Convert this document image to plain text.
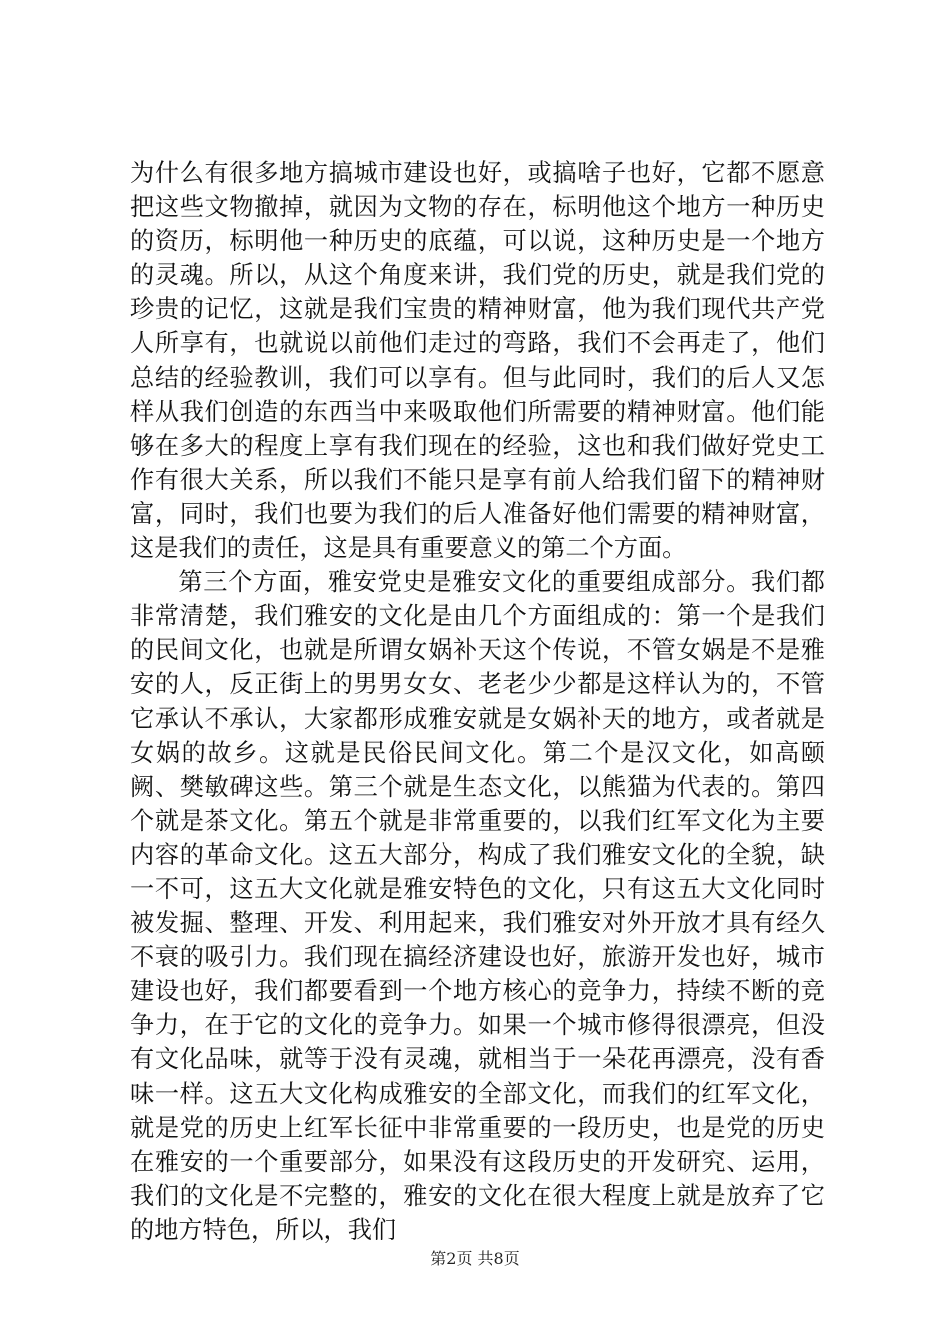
为什么有很多地方搞城市建设也好，或搞啥子也好，它都不愿意把这些文物撤掉，就因为文物的存在，标明他这个地方一种历史的资历，标明他一种历史的底蕴，可以说，这种历史是一个地方的灵魂。所以，从这个角度来讲，我们党的历史，就是我们党的珍贵的记忆，这就是我们宝贵的精神财富，他为我们现代共产党人所享有，也就说以前他们走过的弯路，我们不会再走了，他们总结的经验教训，我们可以享有。但与此同时，我们的后人又怎样从我们创造的东西当中来吸取他们所需要的精神财富。他们能够在多大的程度上享有我们现在的经验，这也和我们做好党史工作有很大关系，所以我们不能只是享有前人给我们留下的精神财富，同时，我们也要为我们的后人准备好他们需要的精神财富，这是我们的责任，这是具有重要意义的第二个方面。

第三个方面，雅安党史是雅安文化的重要组成部分。我们都非常清楚，我们雅安的文化是由几个方面组成的：第一个是我们的民间文化，也就是所谓女娲补天这个传说，不管女娲是不是雅安的人，反正街上的男男女女、老老少少都是这样认为的，不管它承认不承认，大家都形成雅安就是女娲补天的地方，或者就是女娲的故乡。这就是民俗民间文化。第二个是汉文化，如高颐阙、樊敏碑这些。第三个就是生态文化，以熊猫为代表的。第四个就是茶文化。第五个就是非常重要的，以我们红军文化为主要内容的革命文化。这五大部分，构成了我们雅安文化的全貌，缺一不可，这五大文化就是雅安特色的文化，只有这五大文化同时被发掘、整理、开发、利用起来，我们雅安对外开放才具有经久不衰的吸引力。我们现在搞经济建设也好，旅游开发也好，城市建设也好，我们都要看到一个地方核心的竞争力，持续不断的竞争力，在于它的文化的竞争力。如果一个城市修得很漂亮，但没有文化品味，就等于没有灵魂，就相当于一朵花再漂亮，没有香味一样。这五大文化构成雅安的全部文化，而我们的红军文化，就是党的历史上红军长征中非常重要的一段历史，也是党的历史在雅安的一个重要部分，如果没有这段历史的开发研究、运用，我们的文化是不完整的，雅安的文化在很大程度上就是放弃了它的地方特色，所以，我们

第2页 共8页
